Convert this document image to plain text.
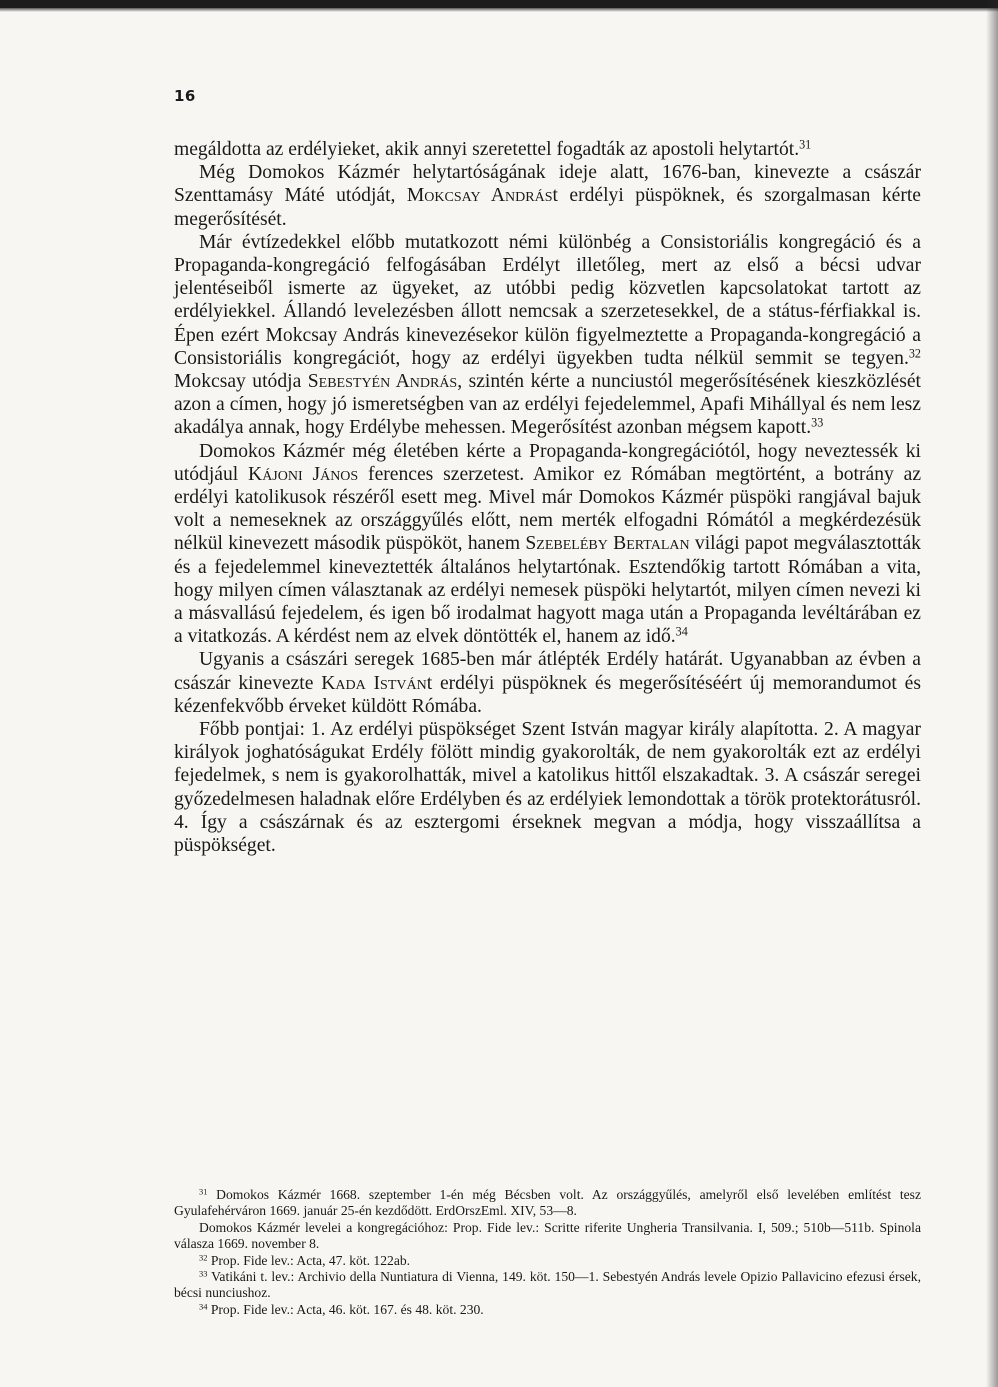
16

megáldotta az erdélyieket, akik annyi szeretettel fogadták az apostoli helytartót.$^{31}$

Még Domokos Kázmér helytartóságának ideje alatt, 1676-ban, kinevezte a császár Szenttamásy Máté utódját, Mokcsay Andrást erdélyi püspöknek, és szorgalmasan kérte megerősítését.

Már évtízedekkel előbb mutatkozott némi különbég a Consistoriális kongregáció és a Propaganda-kongregáció felfogásában Erdélyt illetőleg, mert az első a bécsi udvar jelentéseiből ismerte az ügyeket, az utóbbi pedig közvetlen kapcsolatokat tartott az erdélyiekkel. Állandó levelezésben állott nemcsak a szerzetesekkel, de a státus-férfiakkal is. Épen ezért Mokcsay András kinevezésekor külön figyelmeztette a Propaganda-kongregáció a Consistoriális kongregációt, hogy az erdélyi ügyekben tudta nélkül semmit se tegyen.$^{32}$ Mokcsay utódja Sebestyén András, szintén kérte a nunciustól megerősítésének kieszközlését azon a címen, hogy jó ismeretségben van az erdélyi fejedelemmel, Apafi Mihállyal és nem lesz akadálya annak, hogy Erdélybe mehessen. Megerősítést azonban mégsem kapott.$^{33}$

Domokos Kázmér még életében kérte a Propaganda-kongregációtól, hogy neveztessék ki utódjául Kájoni János ferences szerzetest. Amikor ez Rómában megtörtént, a botrány az erdélyi katolikusok részéről esett meg. Mivel már Domokos Kázmér püspöki rangjával bajuk volt a nemeseknek az országgyűlés előtt, nem merték elfogadni Rómától a megkérdezésük nélkül kinevezett második püspököt, hanem Szebeléby Bertalan világi papot megválasztották és a fejedelemmel kineveztették általános helytartónak. Esztendőkig tartott Rómában a vita, hogy milyen címen választanak az erdélyi nemesek püspöki helytartót, milyen címen nevezi ki a másvallású fejedelem, és igen bő irodalmat hagyott maga után a Propaganda levéltárában ez a vitatkozás. A kérdést nem az elvek döntötték el, hanem az idő.$^{34}$

Ugyanis a császári seregek 1685-ben már átlépték Erdély határát. Ugyanabban az évben a császár kinevezte Kada Istvánt erdélyi püspöknek és megerősítéséért új memorandumot és kézenfekvőbb érveket küldött Rómába.

Főbb pontjai: 1. Az erdélyi püspökséget Szent István magyar király alapította. 2. A magyar királyok joghatóságukat Erdély fölött mindig gyakorolták, de nem gyakorolták ezt az erdélyi fejedelmek, s nem is gyakorolhatták, mivel a katolikus hittől elszakadtak. 3. A császár seregei győzedelmesen haladnak előre Erdélyben és az erdélyiek lemondottak a török protektorátusról. 4. Így a császárnak és az esztergomi érseknek megvan a módja, hogy visszaállítsa a püspökséget.

$^{31}$ Domokos Kázmér 1668. szeptember 1-én még Bécsben volt. Az országgyűlés, amelyről első levelében említést tesz Gyulafehérváron 1669. január 25-én kezdődött. ErdOrszEml. XIV, 53—8.

Domokos Kázmér levelei a kongregációhoz: Prop. Fide lev.: Scritte riferite Ungheria Transilvania. I, 509.; 510b—511b. Spinola válasza 1669. november 8.

$^{32}$ Prop. Fide lev.: Acta, 47. köt. 122ab.

$^{33}$ Vatikáni t. lev.: Archivio della Nuntiatura di Vienna, 149. köt. 150—1. Sebestyén András levele Opizio Pallavicino efezusi érsek, bécsi nunciushoz.

$^{34}$ Prop. Fide lev.: Acta, 46. köt. 167. és 48. köt. 230.
